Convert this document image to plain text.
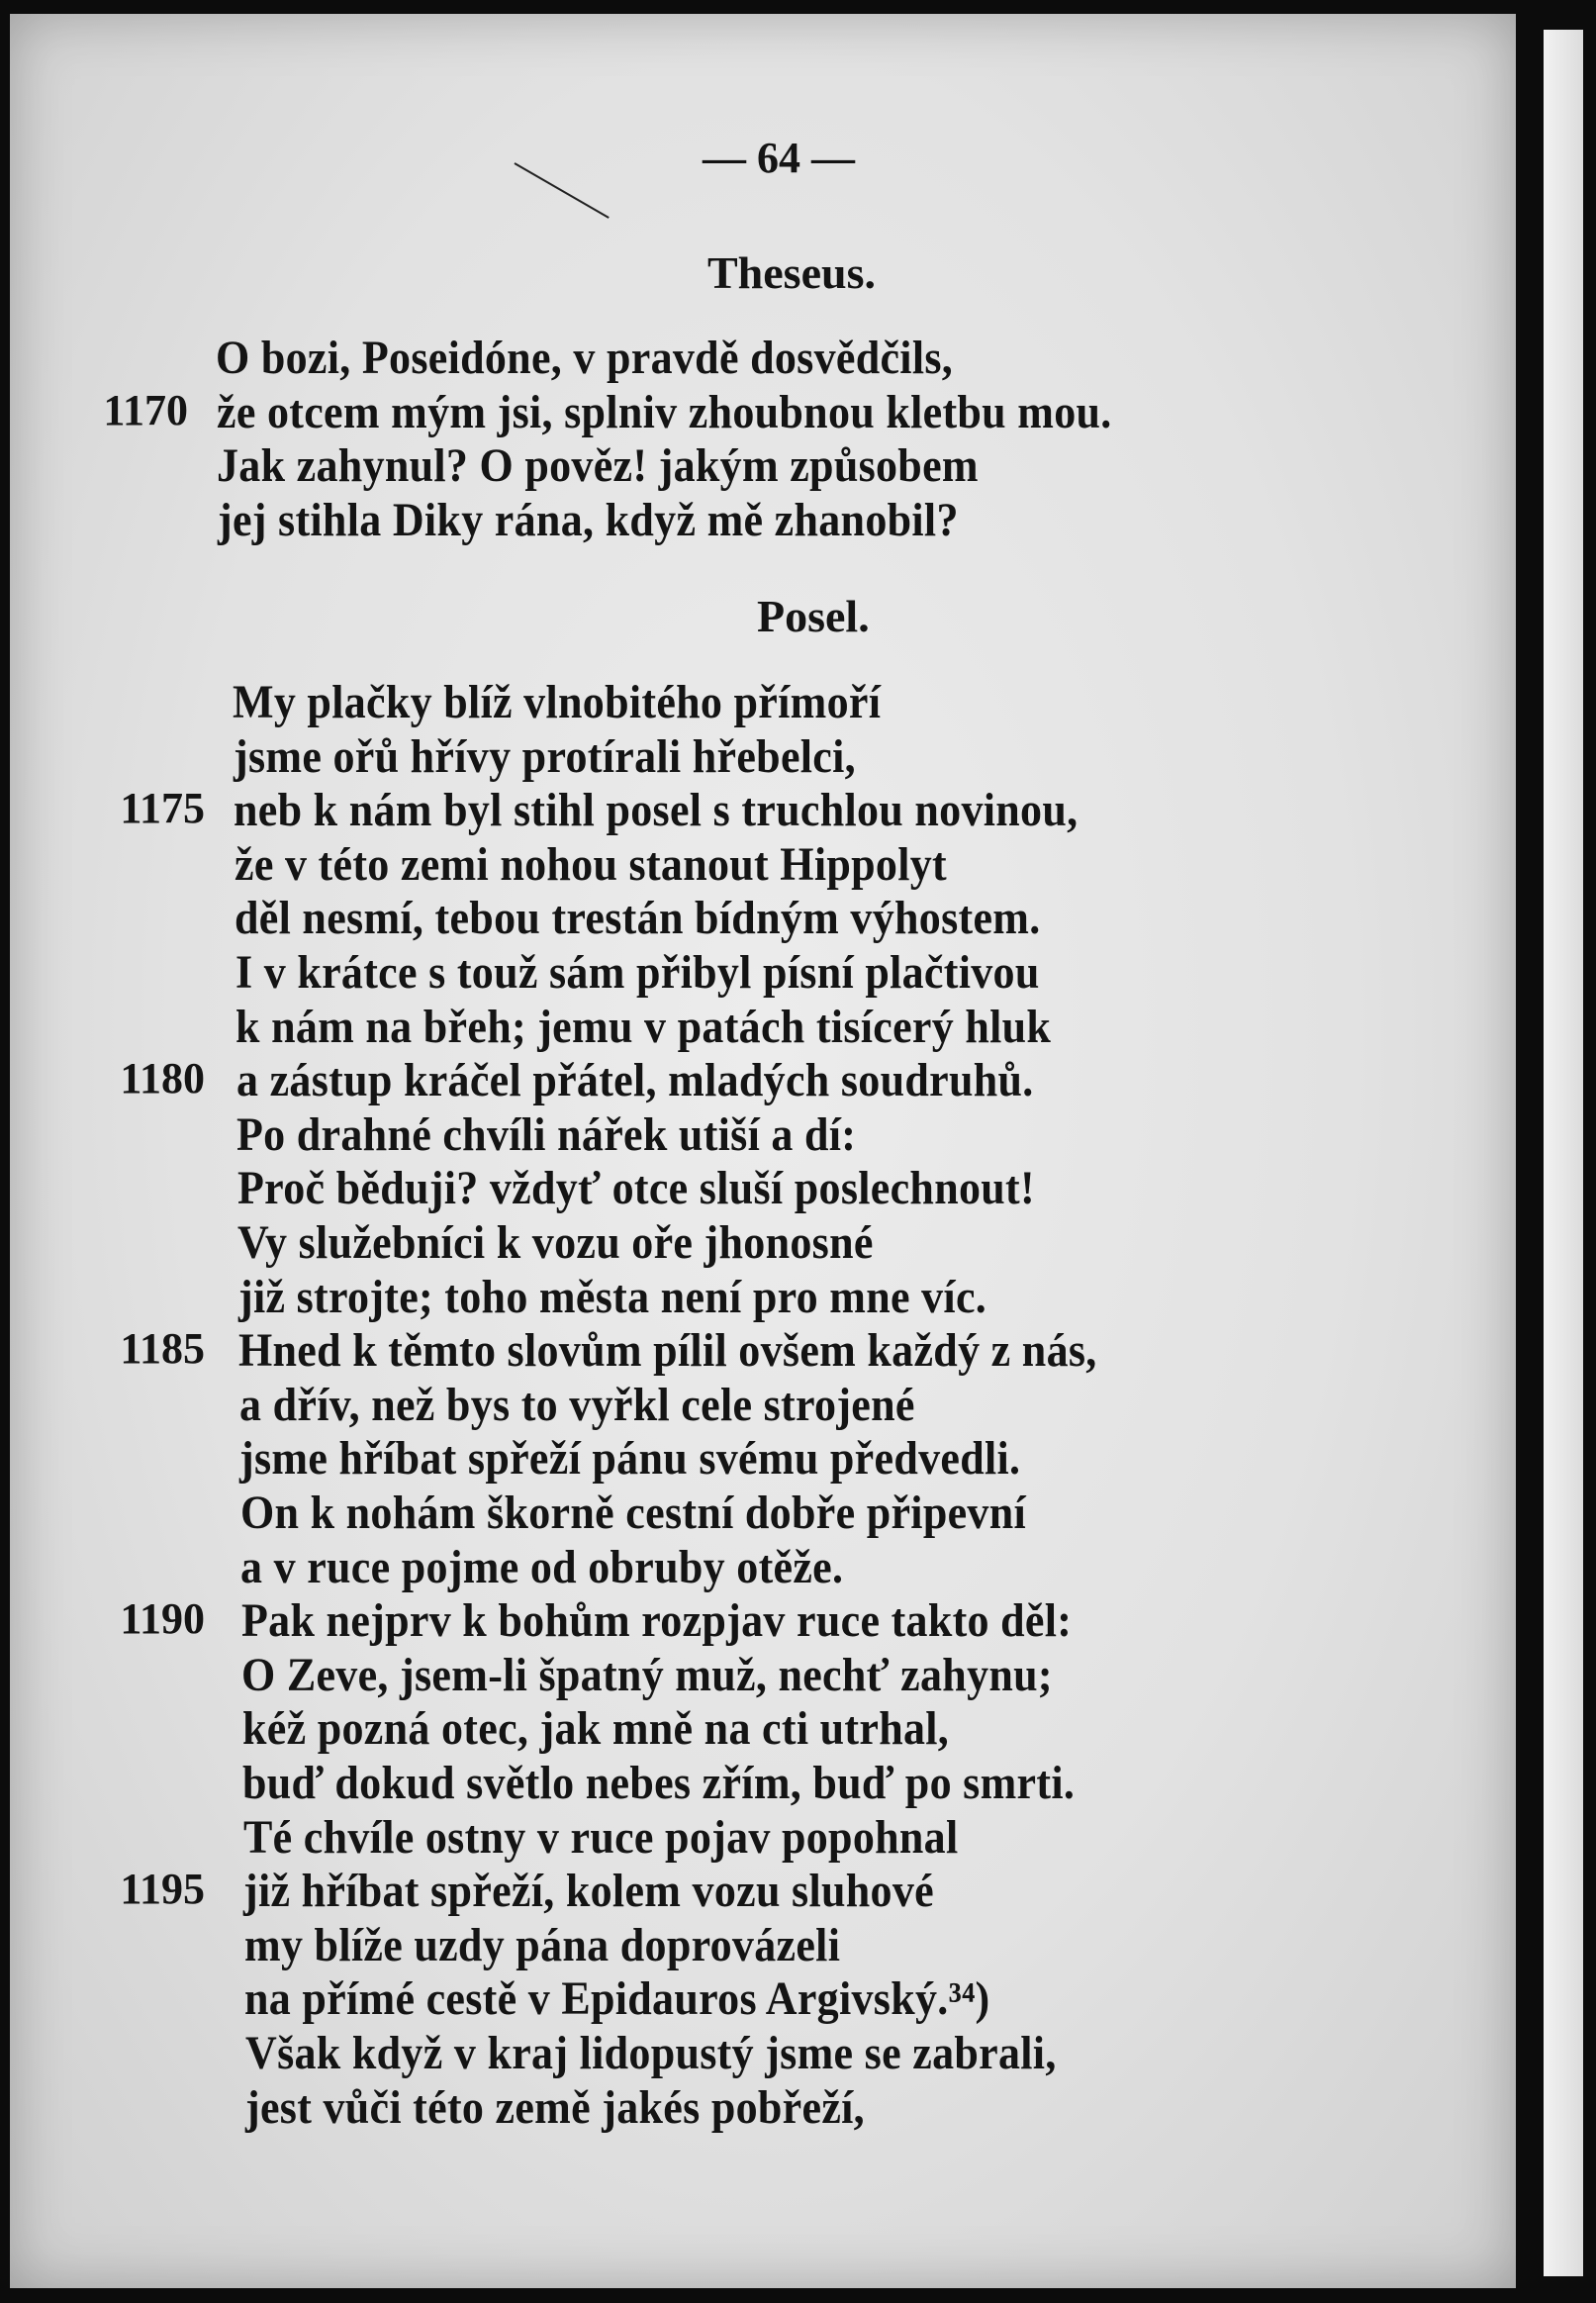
— 64 —
Theseus.
O bozi, Poseidóne, v pravdě dosvědčils,
1170 že otcem mým jsi, splniv zhoubnou kletbu mou.
Jak zahynul? O pověz! jakým způsobem
jej stihla Diky rána, když mě zhanobil?
Posel.
My plačky blíž vlnobitého přímoří
jsme ořů hřívy protírali hřebelci,
1175 neb k nám byl stihl posel s truchlou novinou,
že v této zemi nohou stanout Hippolyt
děl nesmí, tebou trestán bídným výhostem.
I v krátce s touž sám přibyl písní plačtivou
k nám na břeh; jemu v patách tisícerý hluk
1180 a zástup kráčel přátel, mladých soudruhů.
Po drahné chvíli nářek utiší a dí:
Proč běduji? vždyť otce sluší poslechnout!
Vy služebníci k vozu oře jhonosné
již strojte; toho města není pro mne víc.
1185 Hned k těmto slovům pílil ovšem každý z nás,
a dřív, než bys to vyřkl cele strojené
jsme hříbat spřeží pánu svému předvedli.
On k nohám škorně cestní dobře připevní
a v ruce pojme od obruby otěže.
1190 Pak nejprv k bohům rozpjav ruce takto děl:
O Zeve, jsem-li špatný muž, nechť zahynu;
kéž pozná otec, jak mně na cti utrhal,
buď dokud světlo nebes zřím, buď po smrti.
Té chvíle ostny v ruce pojav popohnal
1195 již hříbat spřeží, kolem vozu sluhové
my blíže uzdy pána doprovázeli
na přímé cestě v Epidauros Argivský.³⁴)
Však když v kraj lidopustý jsme se zabrali,
jest vůči této země jakés pobřeží,
